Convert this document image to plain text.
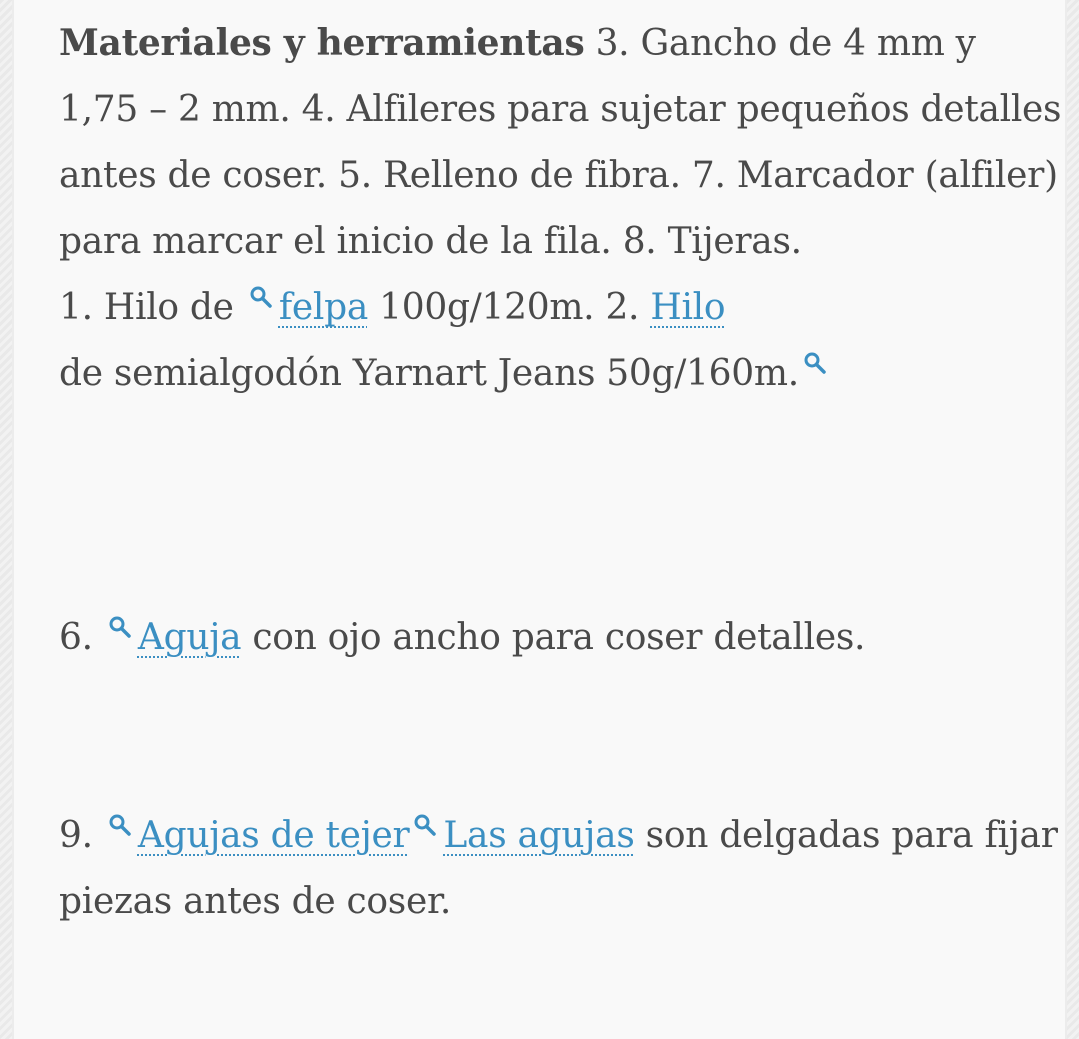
Materiales y herramientas 3. Gancho de 4 mm y 1,75 – 2 mm. 4. Alfileres para sujetar pequeños detalles antes de coser. 5. Relleno de fibra. 7. Marcador (alfiler) para marcar el inicio de la fila. 8. Tijeras.

1. Hilo de
felpa 100g/120m. 2. Hilo
de semialgodón Yarnart Jeans 50g/160m.

6.
Aguja con ojo ancho para coser detalles.

9.
Agujas de tejer Las agujas son delgadas para fijar piezas antes de coser.
